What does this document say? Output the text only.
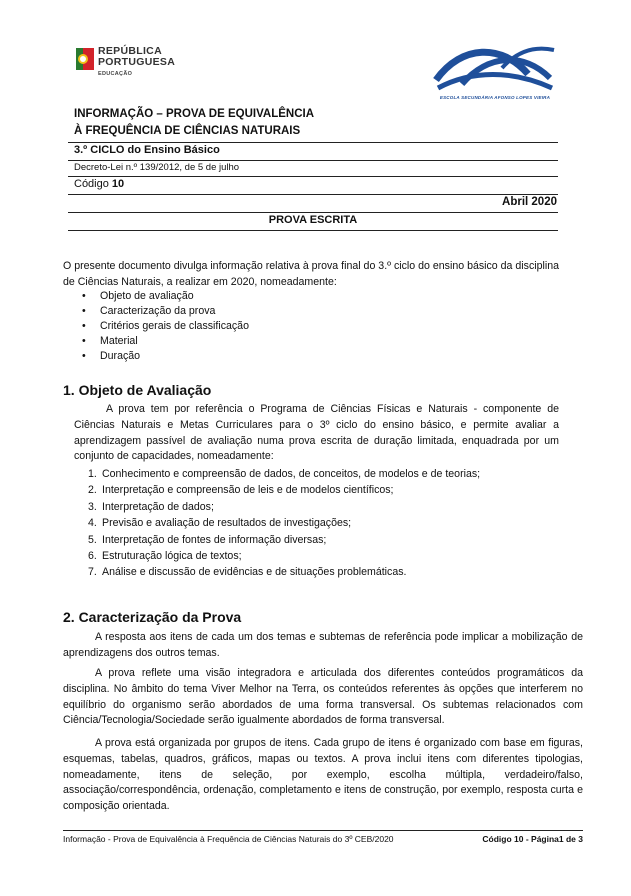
REPÚBLICA
PORTUGUESA
EDUCAÇÃO
ESCOLA SECUNDÁRIA AFONSO LOPES VIEIRA
INFORMAÇÃO – PROVA DE EQUIVALÊNCIA
À FREQUÊNCIA DE CIÊNCIAS NATURAIS
3.º CICLO do Ensino Básico
Decreto-Lei n.º 139/2012, de 5 de julho
Código 10
Abril 2020
PROVA ESCRITA
O presente documento divulga informação relativa à prova final do 3.º ciclo do ensino básico da disciplina de Ciências Naturais, a realizar em 2020, nomeadamente:
• Objeto de avaliação
• Caracterização da prova
• Critérios gerais de classificação
• Material
• Duração
1. Objeto de Avaliação
A prova tem por referência o Programa de Ciências Físicas e Naturais - componente de Ciências Naturais e Metas Curriculares para o 3º ciclo do ensino básico, e permite avaliar a aprendizagem passível de avaliação numa prova escrita de duração limitada, enquadrada por um conjunto de capacidades, nomeadamente:
1. Conhecimento e compreensão de dados, de conceitos, de modelos e de teorias;
2. Interpretação e compreensão de leis e de modelos científicos;
3. Interpretação de dados;
4. Previsão e avaliação de resultados de investigações;
5. Interpretação de fontes de informação diversas;
6. Estruturação lógica de textos;
7. Análise e discussão de evidências e de situações problemáticas.
2. Caracterização da Prova
A resposta aos itens de cada um dos temas e subtemas de referência pode implicar a mobilização de aprendizagens dos outros temas.
A prova reflete uma visão integradora e articulada dos diferentes conteúdos programáticos da disciplina. No âmbito do tema Viver Melhor na Terra, os conteúdos referentes às opções que interferem no equilíbrio do organismo serão abordados de uma forma transversal. Os subtemas relacionados com Ciência/Tecnologia/Sociedade serão igualmente abordados de forma transversal.
A prova está organizada por grupos de itens. Cada grupo de itens é organizado com base em figuras, esquemas, tabelas, quadros, gráficos, mapas ou textos. A prova inclui itens com diferentes tipologias, nomeadamente, itens de seleção, por exemplo, escolha múltipla, verdadeiro/falso, associação/correspondência, ordenação, completamento e itens de construção, por exemplo, resposta curta e composição orientada.
Informação - Prova de Equivalência à Frequência de Ciências Naturais do 3º CEB/2020	Código 10 - Página1 de 3
